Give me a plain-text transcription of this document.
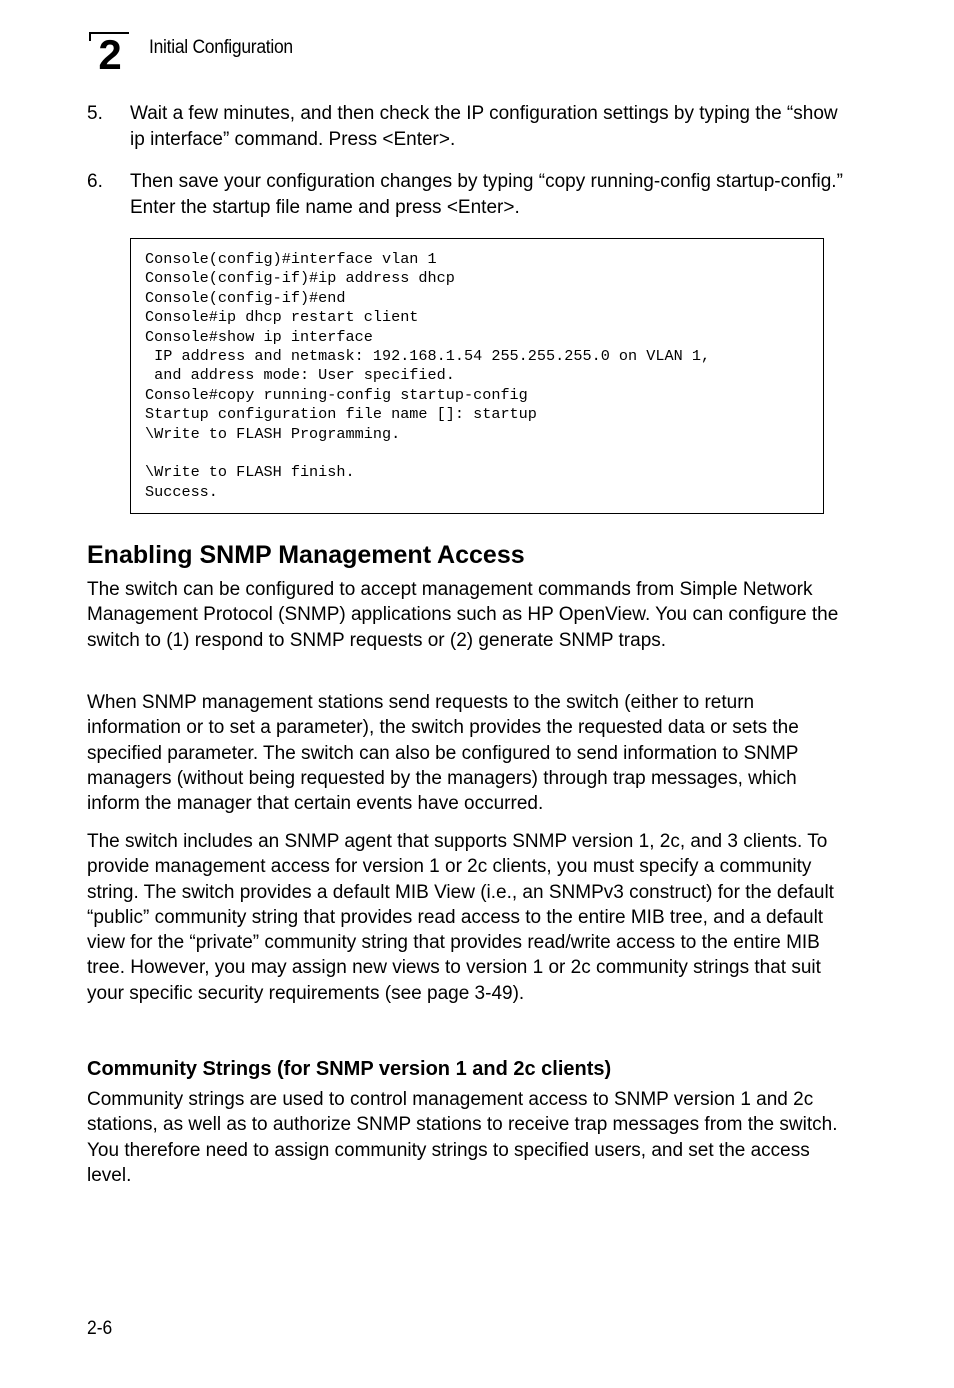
2 Initial Configuration
5. Wait a few minutes, and then check the IP configuration settings by typing the “show ip interface” command. Press <Enter>.
6. Then save your configuration changes by typing “copy running-config startup-config.” Enter the startup file name and press <Enter>.
Console(config)#interface vlan 1
Console(config-if)#ip address dhcp
Console(config-if)#end
Console#ip dhcp restart client
Console#show ip interface
IP address and netmask: 192.168.1.54 255.255.255.0 on VLAN 1,
and address mode: User specified.
Console#copy running-config startup-config
Startup configuration file name []: startup
\Write to FLASH Programming.

\Write to FLASH finish.
Success.
Enabling SNMP Management Access

The switch can be configured to accept management commands from Simple Network Management Protocol (SNMP) applications such as HP OpenView. You can configure the switch to (1) respond to SNMP requests or (2) generate SNMP traps.

When SNMP management stations send requests to the switch (either to return information or to set a parameter), the switch provides the requested data or sets the specified parameter. The switch can also be configured to send information to SNMP managers (without being requested by the managers) through trap messages, which inform the manager that certain events have occurred.

The switch includes an SNMP agent that supports SNMP version 1, 2c, and 3 clients. To provide management access for version 1 or 2c clients, you must specify a community string. The switch provides a default MIB View (i.e., an SNMPv3 construct) for the default “public” community string that provides read access to the entire MIB tree, and a default view for the “private” community string that provides read/write access to the entire MIB tree. However, you may assign new views to version 1 or 2c community strings that suit your specific security requirements (see page 3-49).

Community Strings (for SNMP version 1 and 2c clients)

Community strings are used to control management access to SNMP version 1 and 2c stations, as well as to authorize SNMP stations to receive trap messages from the switch. You therefore need to assign community strings to specified users, and set the access level.

2-6
